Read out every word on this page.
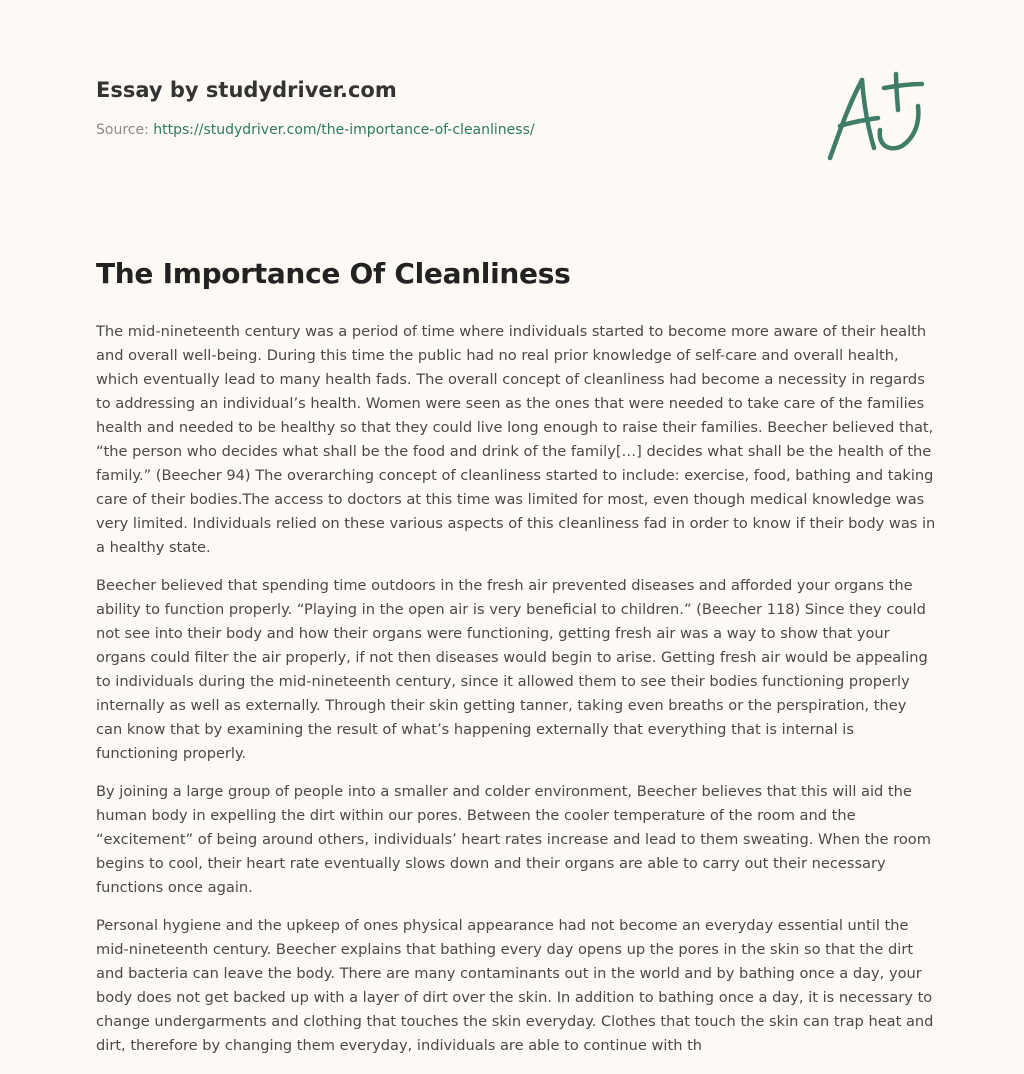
Essay by studydriver.com
Source: https://studydriver.com/the-importance-of-cleanliness/
The Importance Of Cleanliness

The mid-nineteenth century was a period of time where individuals started to become more aware of their health and overall well-being. During this time the public had no real prior knowledge of self-care and overall health, which eventually lead to many health fads. The overall concept of cleanliness had become a necessity in regards to addressing an individual’s health. Women were seen as the ones that were needed to take care of the families health and needed to be healthy so that they could live long enough to raise their families. Beecher believed that, “the person who decides what shall be the food and drink of the family[…] decides what shall be the health of the family.” (Beecher 94) The overarching concept of cleanliness started to include: exercise, food, bathing and taking care of their bodies.The access to doctors at this time was limited for most, even though medical knowledge was very limited. Individuals relied on these various aspects of this cleanliness fad in order to know if their body was in a healthy state.

Beecher believed that spending time outdoors in the fresh air prevented diseases and afforded your organs the ability to function properly. “Playing in the open air is very beneficial to children.” (Beecher 118) Since they could not see into their body and how their organs were functioning, getting fresh air was a way to show that your organs could filter the air properly, if not then diseases would begin to arise. Getting fresh air would be appealing to individuals during the mid-nineteenth century, since it allowed them to see their bodies functioning properly internally as well as externally. Through their skin getting tanner, taking even breaths or the perspiration, they can know that by examining the result of what’s happening externally that everything that is internal is functioning properly.

By joining a large group of people into a smaller and colder environment, Beecher believes that this will aid the human body in expelling the dirt within our pores. Between the cooler temperature of the room and the “excitement” of being around others, individuals’ heart rates increase and lead to them sweating. When the room begins to cool, their heart rate eventually slows down and their organs are able to carry out their necessary functions once again.

Personal hygiene and the upkeep of ones physical appearance had not become an everyday essential until the mid-nineteenth century. Beecher explains that bathing every day opens up the pores in the skin so that the dirt and bacteria can leave the body. There are many contaminants out in the world and by bathing once a day, your body does not get backed up with a layer of dirt over the skin. In addition to bathing once a day, it is necessary to change undergarments and clothing that touches the skin everyday. Clothes that touch the skin can trap heat and dirt, therefore by changing them everyday, individuals are able to continue with th
